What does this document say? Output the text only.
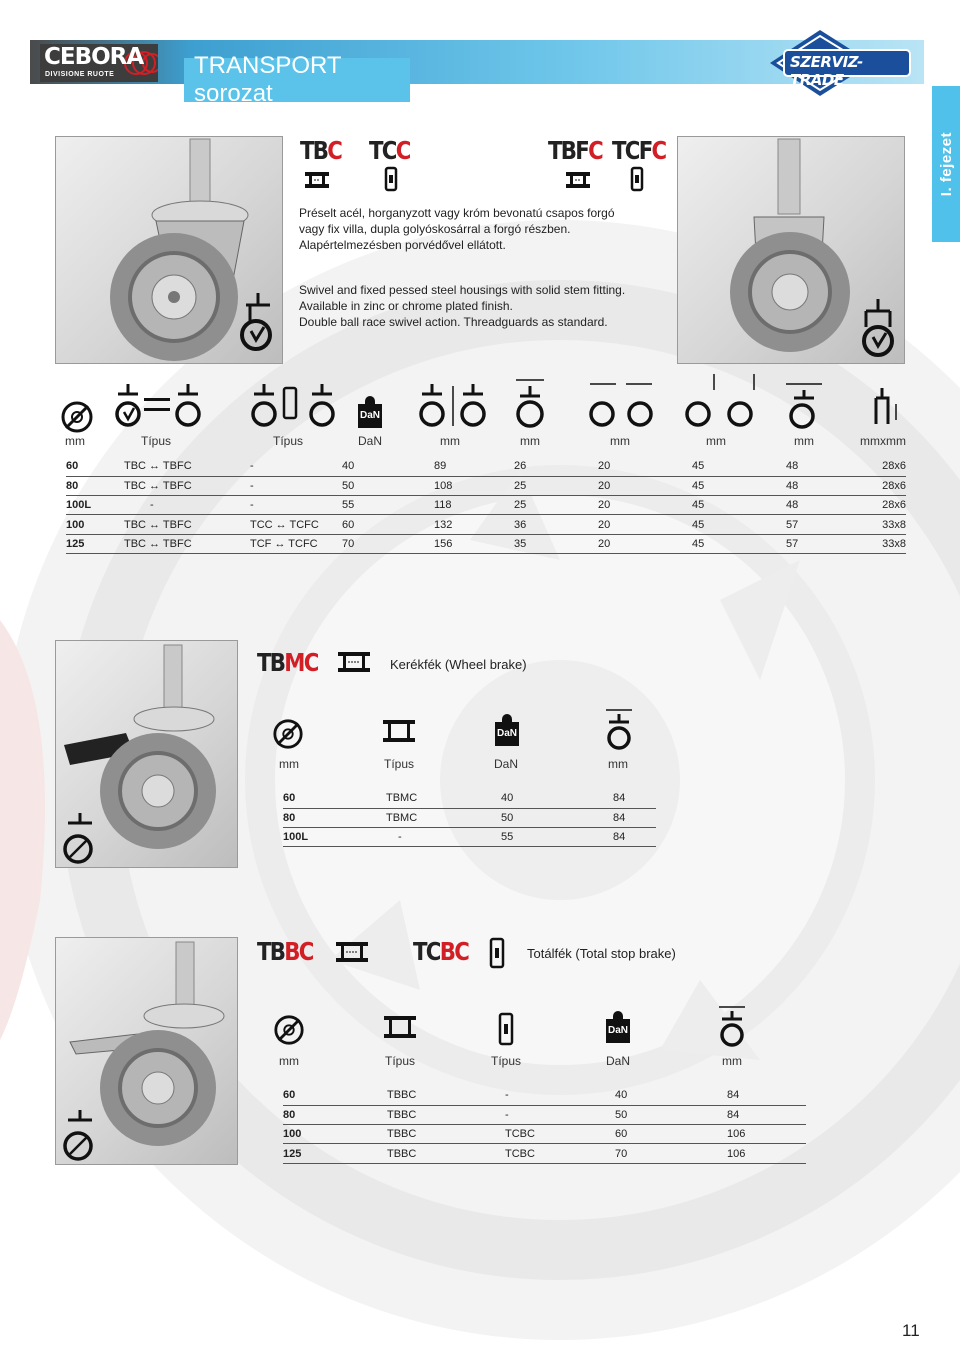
CEBORA
DIVISIONE RUOTE	TRANSPORT sorozat
SZERVIZ-TRADE
I. fejezet
TBC TCC	TBFC TCFC
Préselt acél, horganyzott vagy króm bevonatú csapos forgó
vagy fix villa, dupla golyóskosárral a forgó részben.
Alapértelmezésben porvédővel ellátott.
Swivel and fixed pessed steel housings with solid stem fitting.
Available in zinc or chrome plated finish.
Double ball race swivel action. Threadguards as standard.
DaN
mm	Típus	Típus	DaN	mm	mm	mm	mm	mm	mmxmm
60	TBC ↔ TBFC	-	40	89	26	20	45	48	28x6
80	TBC ↔ TBFC	-	50	108	25	20	45	48	28x6
100L	-	-	55	118	25	20	45	48	28x6
100	TBC ↔ TBFC	TCC ↔ TCFC	60	132	36	20	45	57	33x8
125	TBC ↔ TBFC	TCF ↔ TCFC	70	156	35	20	45	57	33x8
TBMC	Kerékfék (Wheel brake)
DaN
mm	Típus	DaN	mm
60	TBMC	40	84
80	TBMC	50	84
100L	-	55	84
TBBC	TCBC	Totálfék (Total stop brake)
DaN
mm	Típus	Típus	DaN	mm
60	TBBC	-	40	84
80	TBBC	-	50	84
100	TBBC	TCBC	60	106
125	TBBC	TCBC	70	106
11
